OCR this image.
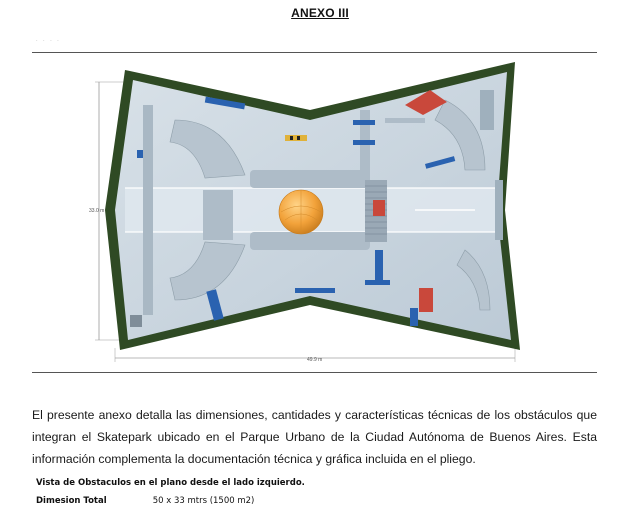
ANEXO III
· · · ·
33.0 m
49.9 m
El presente anexo detalla las dimensiones, cantidades y características técnicas de los obstáculos que integran el Skatepark ubicado en el Parque Urbano de la Ciudad Autónoma de Buenos Aires. Esta información complementa la documentación técnica y gráfica incluida en el pliego.
Vista de Obstaculos en el plano desde el lado izquierdo.
Dimesion Total	50 x 33 mtrs (1500 m2)
